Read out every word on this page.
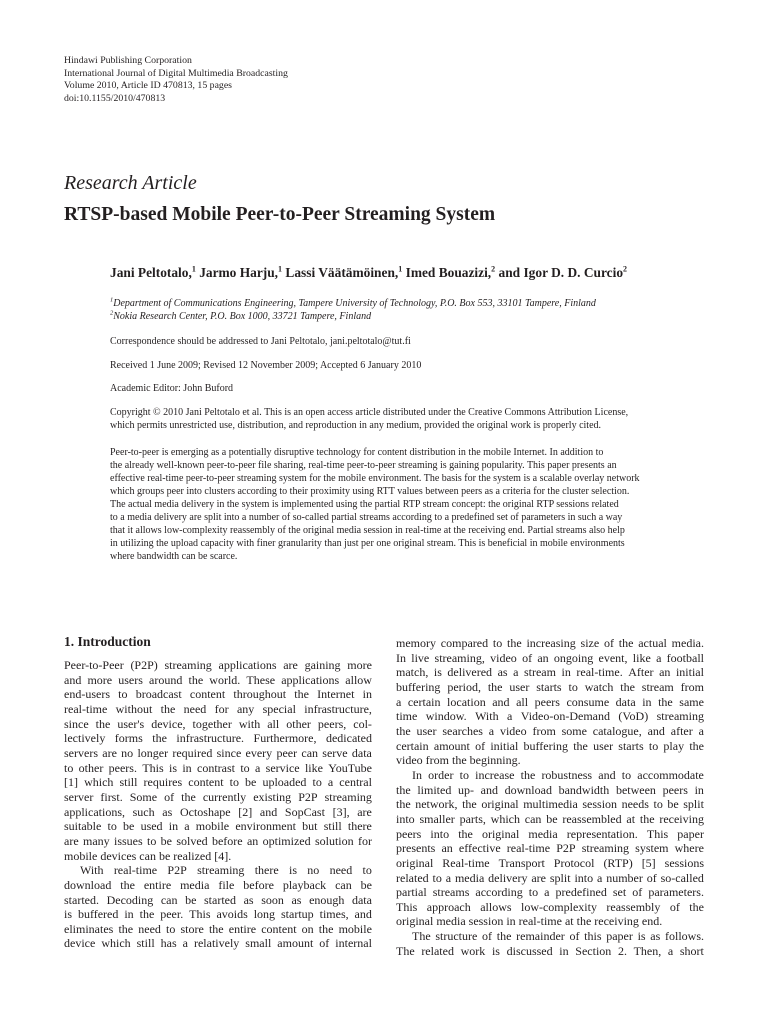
Hindawi Publishing Corporation
International Journal of Digital Multimedia Broadcasting
Volume 2010, Article ID 470813, 15 pages
doi:10.1155/2010/470813
Research Article
RTSP-based Mobile Peer-to-Peer Streaming System
Jani Peltotalo,$^1$ Jarmo Harju,$^1$ Lassi Väätämöinen,$^1$ Imed Bouazizi,$^2$ and Igor D. D. Curcio$^2$
$^1$Department of Communications Engineering, Tampere University of Technology, P.O. Box 553, 33101 Tampere, Finland
$^2$Nokia Research Center, P.O. Box 1000, 33721 Tampere, Finland
Correspondence should be addressed to Jani Peltotalo, jani.peltotalo@tut.fi
Received 1 June 2009; Revised 12 November 2009; Accepted 6 January 2010
Academic Editor: John Buford
Copyright © 2010 Jani Peltotalo et al. This is an open access article distributed under the Creative Commons Attribution License,
which permits unrestricted use, distribution, and reproduction in any medium, provided the original work is properly cited.
Peer-to-peer is emerging as a potentially disruptive technology for content distribution in the mobile Internet. In addition to
the already well-known peer-to-peer file sharing, real-time peer-to-peer streaming is gaining popularity. This paper presents an
effective real-time peer-to-peer streaming system for the mobile environment. The basis for the system is a scalable overlay network
which groups peer into clusters according to their proximity using RTT values between peers as a criteria for the cluster selection.
The actual media delivery in the system is implemented using the partial RTP stream concept: the original RTP sessions related
to a media delivery are split into a number of so-called partial streams according to a predefined set of parameters in such a way
that it allows low-complexity reassembly of the original media session in real-time at the receiving end. Partial streams also help
in utilizing the upload capacity with finer granularity than just per one original stream. This is beneficial in mobile environments
where bandwidth can be scarce.
1. Introduction
Peer-to-Peer (P2P) streaming applications are gaining more
and more users around the world. These applications allow
end-users to broadcast content throughout the Internet in
real-time without the need for any special infrastructure,
since the user's device, together with all other peers, col-
lectively forms the infrastructure. Furthermore, dedicated
servers are no longer required since every peer can serve data
to other peers. This is in contrast to a service like YouTube
[1] which still requires content to be uploaded to a central
server first. Some of the currently existing P2P streaming
applications, such as Octoshape [2] and SopCast [3], are
suitable to be used in a mobile environment but still there
are many issues to be solved before an optimized solution for
mobile devices can be realized [4].
With real-time P2P streaming there is no need to
download the entire media file before playback can be
started. Decoding can be started as soon as enough data
is buffered in the peer. This avoids long startup times, and
eliminates the need to store the entire content on the mobile
device which still has a relatively small amount of internal
memory compared to the increasing size of the actual media.
In live streaming, video of an ongoing event, like a football
match, is delivered as a stream in real-time. After an initial
buffering period, the user starts to watch the stream from
a certain location and all peers consume data in the same
time window. With a Video-on-Demand (VoD) streaming
the user searches a video from some catalogue, and after a
certain amount of initial buffering the user starts to play the
video from the beginning.
In order to increase the robustness and to accommodate
the limited up- and download bandwidth between peers in
the network, the original multimedia session needs to be split
into smaller parts, which can be reassembled at the receiving
peers into the original media representation. This paper
presents an effective real-time P2P streaming system where
original Real-time Transport Protocol (RTP) [5] sessions
related to a media delivery are split into a number of so-called
partial streams according to a predefined set of parameters.
This approach allows low-complexity reassembly of the
original media session in real-time at the receiving end.
The structure of the remainder of this paper is as follows.
The related work is discussed in Section 2. Then, a short
